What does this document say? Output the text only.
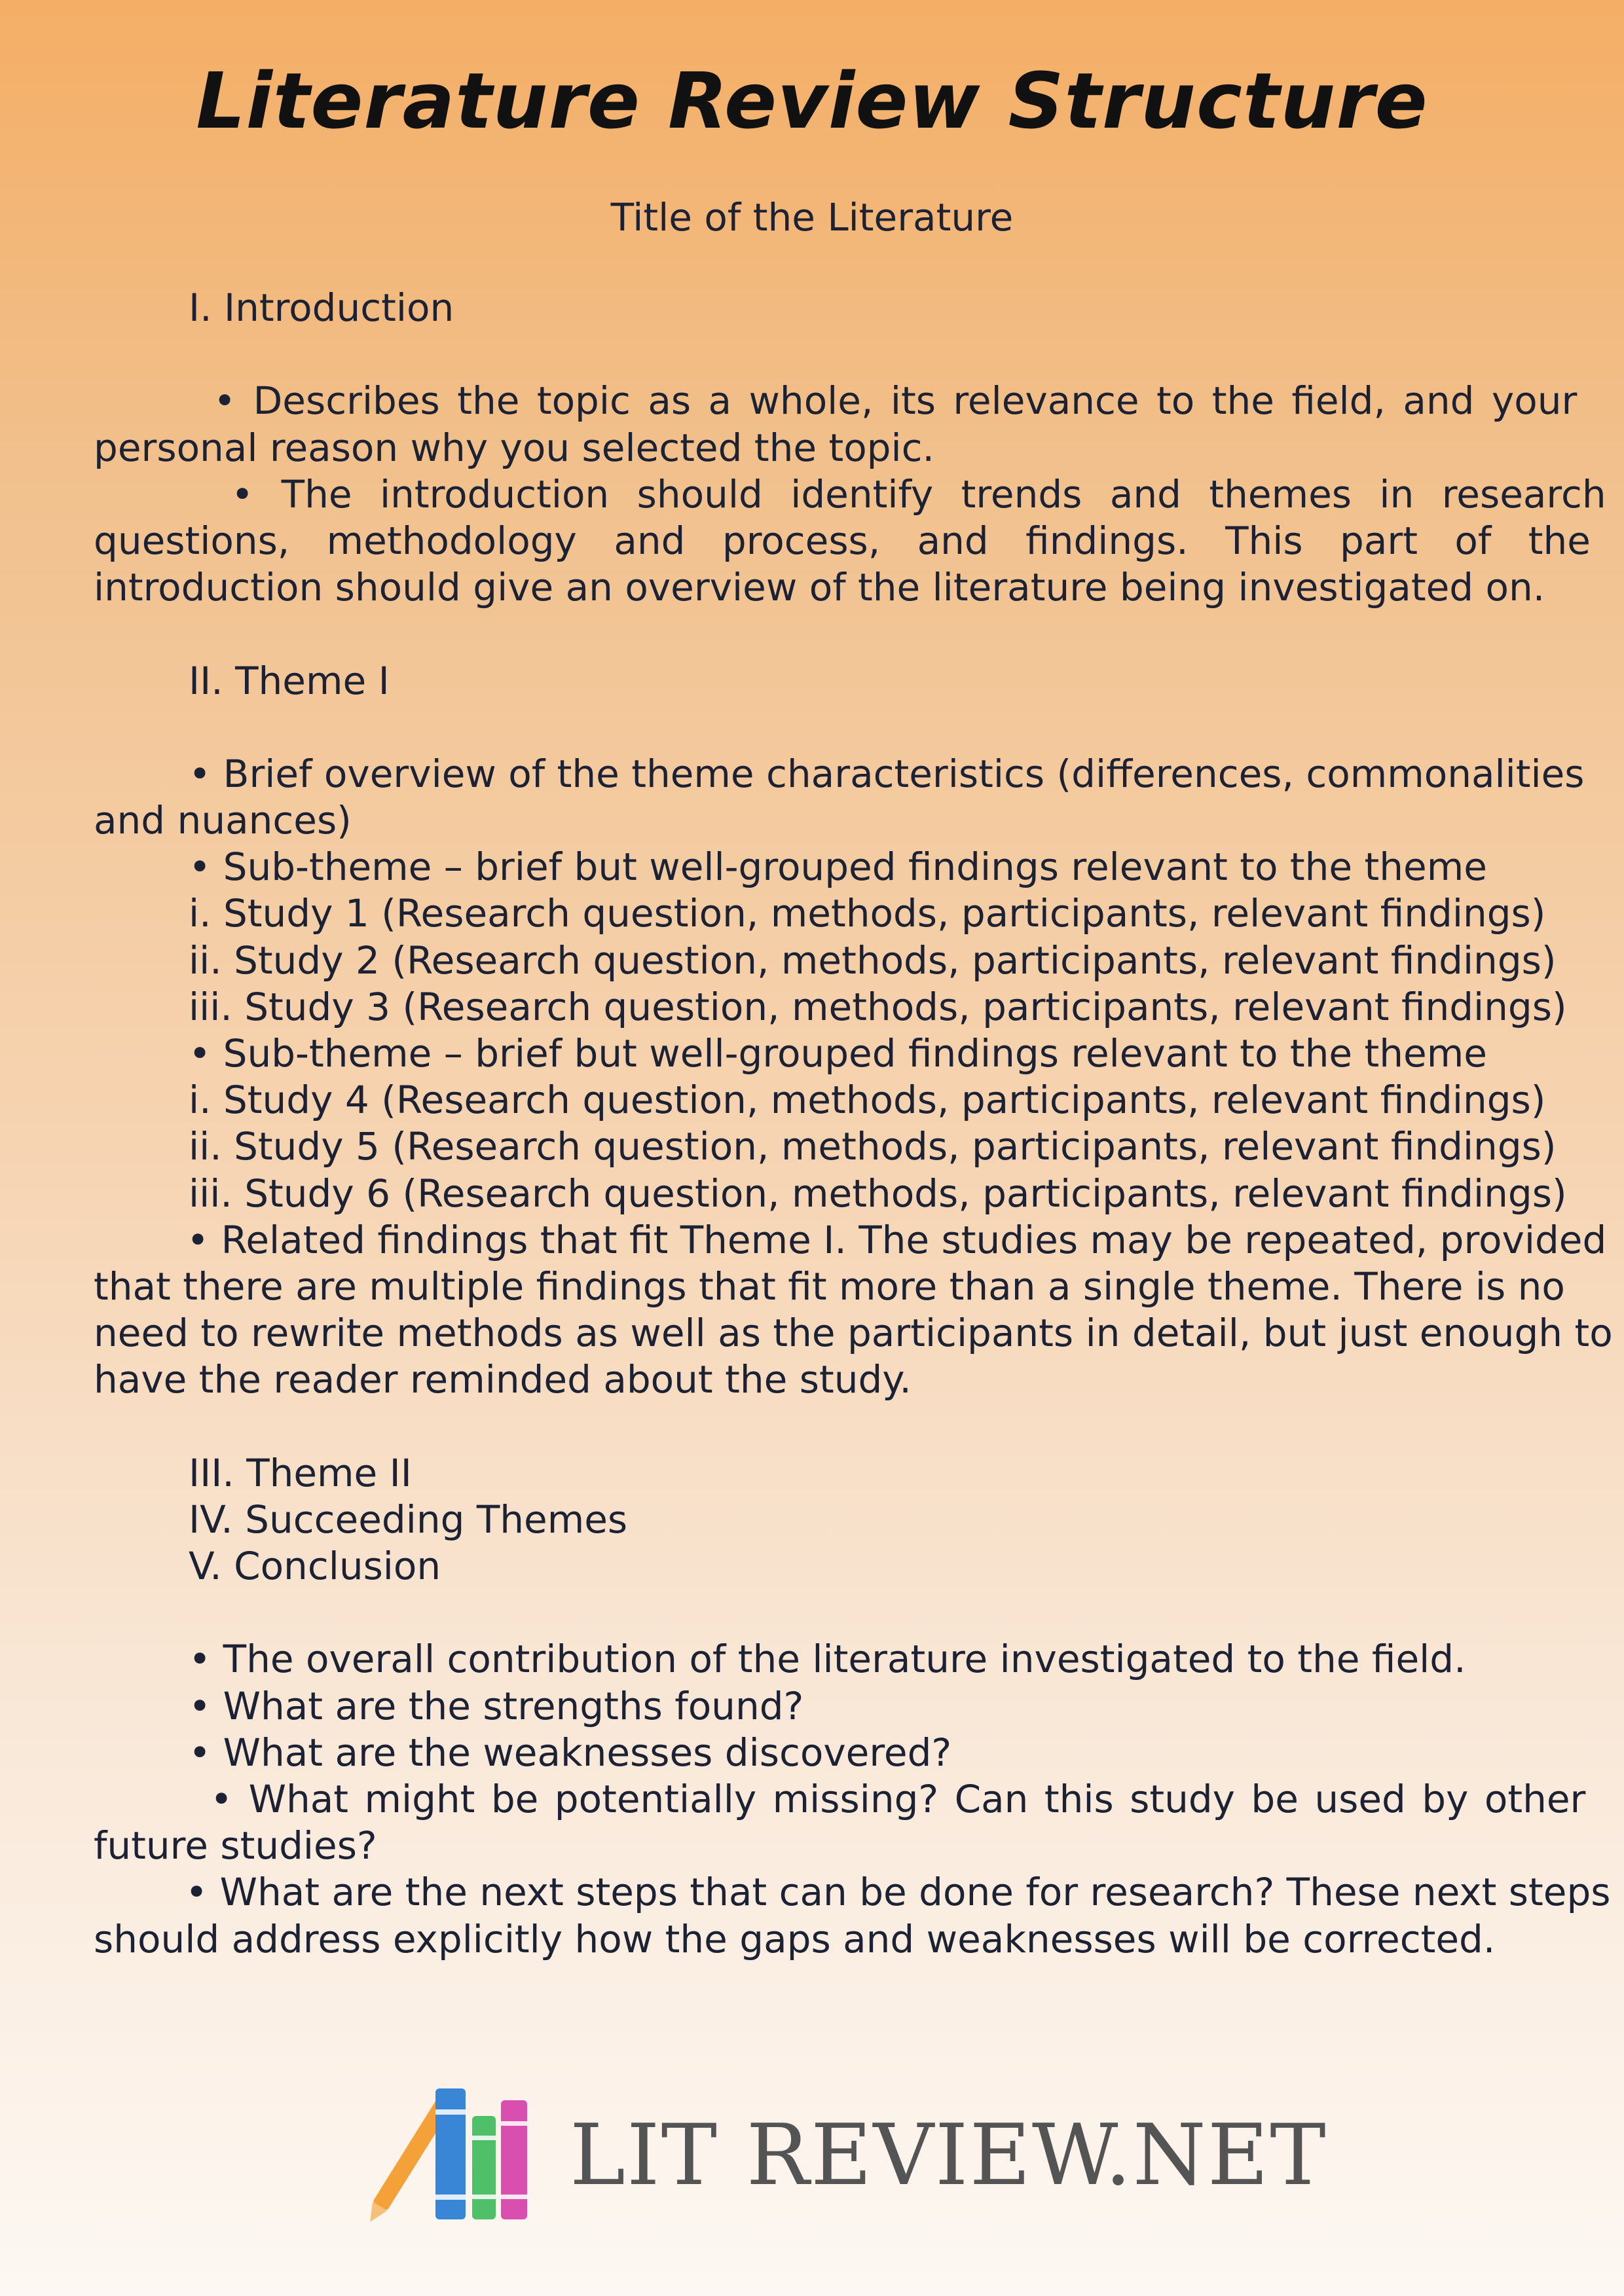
Literature Review Structure

Title of the Literature

I. Introduction
• Describes the topic as a whole, its relevance to the field, and your
personal reason why you selected the topic.
• The introduction should identify trends and themes in research
questions, methodology and process, and findings. This part of the
introduction should give an overview of the literature being investigated on.
II. Theme I
• Brief overview of the theme characteristics (differences, commonalities
and nuances)
• Sub-theme – brief but well-grouped findings relevant to the theme
i. Study 1 (Research question, methods, participants, relevant findings)
ii. Study 2 (Research question, methods, participants, relevant findings)
iii. Study 3 (Research question, methods, participants, relevant findings)
• Sub-theme – brief but well-grouped findings relevant to the theme
i. Study 4 (Research question, methods, participants, relevant findings)
ii. Study 5 (Research question, methods, participants, relevant findings)
iii. Study 6 (Research question, methods, participants, relevant findings)
• Related findings that fit Theme I. The studies may be repeated, provided
that there are multiple findings that fit more than a single theme. There is no
need to rewrite methods as well as the participants in detail, but just enough to
have the reader reminded about the study.
III. Theme II
IV. Succeeding Themes
V. Conclusion
• The overall contribution of the literature investigated to the field.
• What are the strengths found?
• What are the weaknesses discovered?
• What might be potentially missing? Can this study be used by other
future studies?
• What are the next steps that can be done for research? These next steps
should address explicitly how the gaps and weaknesses will be corrected.
LIT REVIEW.NET
